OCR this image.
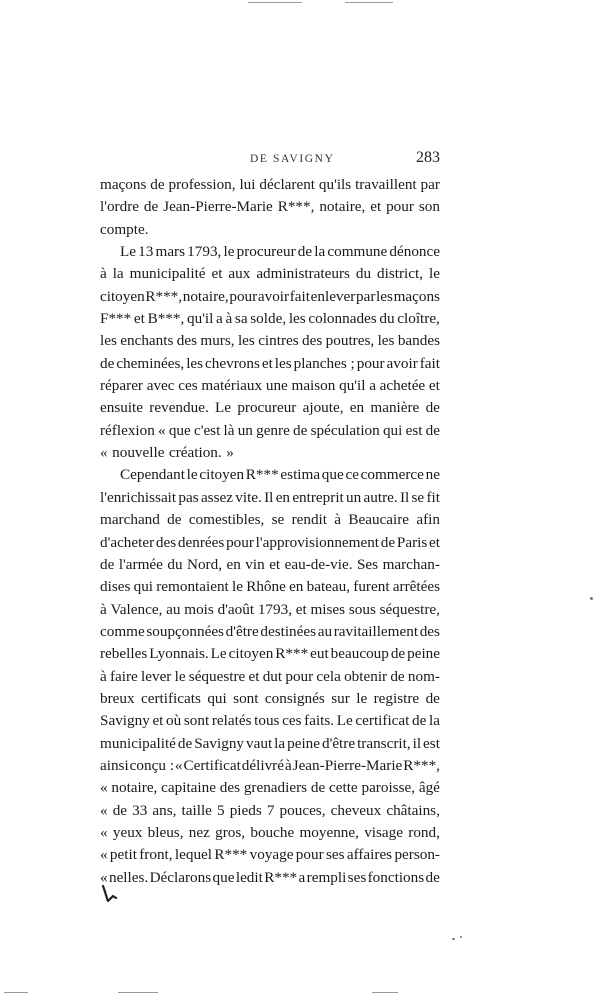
DE SAVIGNY	283
maçons de profession, lui déclarent qu'ils travaillent par
l'ordre de Jean-Pierre-Marie R***, notaire, et pour son
compte.
Le 13 mars 1793, le procureur de la commune dénonce
à la municipalité et aux administrateurs du district, le
citoyen R***, notaire, pour avoir fait enlever par les maçons
F*** et B***, qu'il a à sa solde, les colonnades du cloître,
les enchants des murs, les cintres des poutres, les bandes
de cheminées, les chevrons et les planches ; pour avoir fait
réparer avec ces matériaux une maison qu'il a achetée et
ensuite revendue. Le procureur ajoute, en manière de
réflexion « que c'est là un genre de spéculation qui est de
« nouvelle création. »
Cependant le citoyen R*** estima que ce commerce ne
l'enrichissait pas assez vite. Il en entreprit un autre. Il se fit
marchand de comestibles, se rendit à Beaucaire afin
d'acheter des denrées pour l'approvisionnement de Paris et
de l'armée du Nord, en vin et eau-de-vie. Ses marchan-
dises qui remontaient le Rhône en bateau, furent arrêtées
à Valence, au mois d'août 1793, et mises sous séquestre,
comme soupçonnées d'être destinées au ravitaillement des
rebelles Lyonnais. Le citoyen R*** eut beaucoup de peine
à faire lever le séquestre et dut pour cela obtenir de nom-
breux certificats qui sont consignés sur le registre de
Savigny et où sont relatés tous ces faits. Le certificat de la
municipalité de Savigny vaut la peine d'être transcrit, il est
ainsi conçu : « Certificat délivré à Jean-Pierre-Marie R***,
« notaire, capitaine des grenadiers de cette paroisse, âgé
« de 33 ans, taille 5 pieds 7 pouces, cheveux châtains,
« yeux bleus, nez gros, bouche moyenne, visage rond,
« petit front, lequel R*** voyage pour ses affaires person-
« nelles. Déclarons que ledit R*** a rempli ses fonctions de
